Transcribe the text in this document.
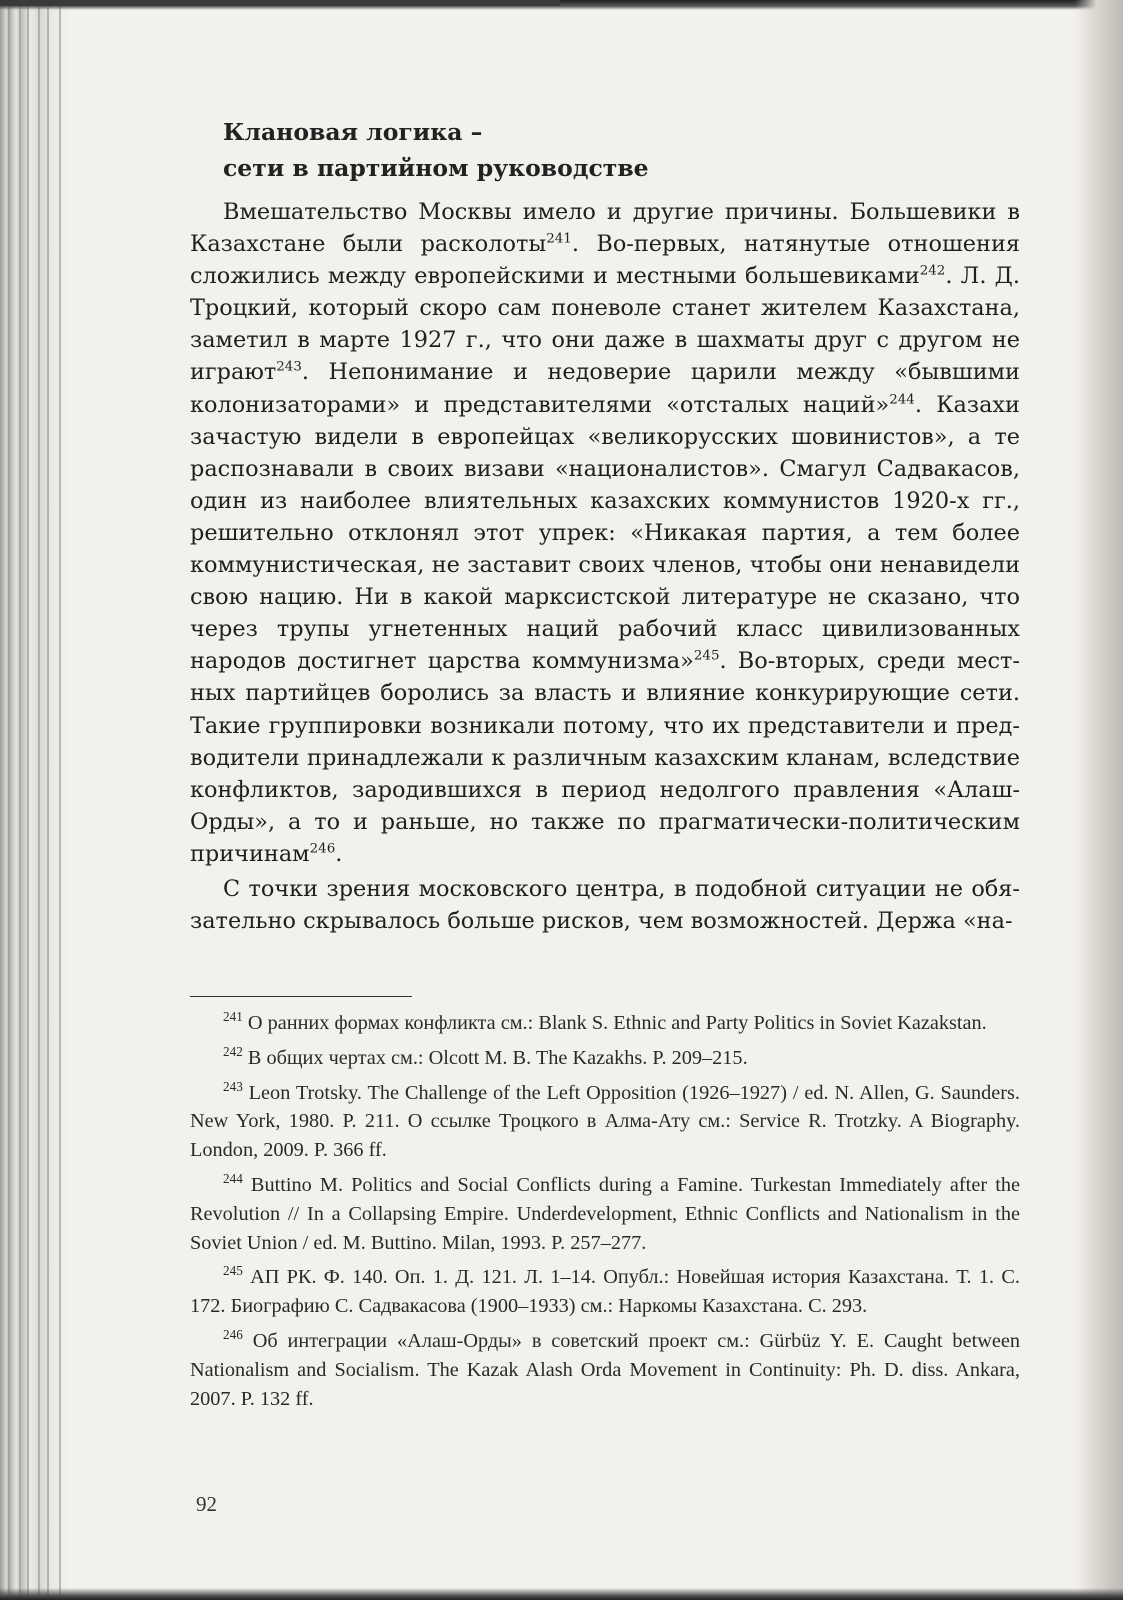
Клановая логика –
сети в партийном руководстве

Вмешательство Москвы имело и другие причины. Большевики в Казахстане были расколоты$^{241}$. Во-первых, натянутые отношения сложились между европейскими и местными большевиками$^{242}$. Л. Д. Троцкий, который скоро сам поневоле станет жителем Казахстана, заметил в марте 1927 г., что они даже в шахматы друг с другом не играют$^{243}$. Непонимание и недоверие царили между «бывшими колонизаторами» и представителями «отсталых наций»$^{244}$. Казахи зачастую видели в европейцах «великорусских шовинистов», а те распознавали в своих визави «националистов». Смагул Садвакасов, один из наиболее влиятельных казахских коммунистов 1920-х гг., решительно отклонял этот упрек: «Никакая партия, а тем более коммунистическая, не заставит своих членов, чтобы они ненавидели свою нацию. Ни в какой марксистской литературе не сказано, что через трупы угнетенных наций рабочий класс цивилизованных народов достигнет царства коммунизма»$^{245}$. Во-вторых, среди местных партийцев боролись за власть и влияние конкурирующие сети. Такие группировки возникали потому, что их представители и предводители принадлежали к различным казахским кланам, вследствие конфликтов, зародившихся в период недолгого правления «Алаш-Орды», а то и раньше, но также по прагматически-политическим причинам$^{246}$.

С точки зрения московского центра, в подобной ситуации не обязательно скрывалось больше рисков, чем возможностей. Держа «на-

$^{241}$ О ранних формах конфликта см.: Blank S. Ethnic and Party Politics in Soviet Kazakstan.

$^{242}$ В общих чертах см.: Olcott M. B. The Kazakhs. P. 209–215.

$^{243}$ Leon Trotsky. The Challenge of the Left Opposition (1926–1927) / ed. N. Allen, G. Saunders. New York, 1980. P. 211. О ссылке Троцкого в Алма-Ату см.: Service R. Trotzky. A Biography. London, 2009. P. 366 ff.

$^{244}$ Buttino M. Politics and Social Conflicts during a Famine. Turkestan Immediately after the Revolution // In a Collapsing Empire. Underdevelopment, Ethnic Conflicts and Nationalism in the Soviet Union / ed. M. Buttino. Milan, 1993. P. 257–277.

$^{245}$ АП РК. Ф. 140. Оп. 1. Д. 121. Л. 1–14. Опубл.: Новейшая история Казахстана. Т. 1. С. 172. Биографию С. Садвакасова (1900–1933) см.: Наркомы Казахстана. С. 293.

$^{246}$ Об интеграции «Алаш-Орды» в советский проект см.: Gürbüz Y. E. Caught between Nationalism and Socialism. The Kazak Alash Orda Movement in Continuity: Ph. D. diss. Ankara, 2007. P. 132 ff.

92
